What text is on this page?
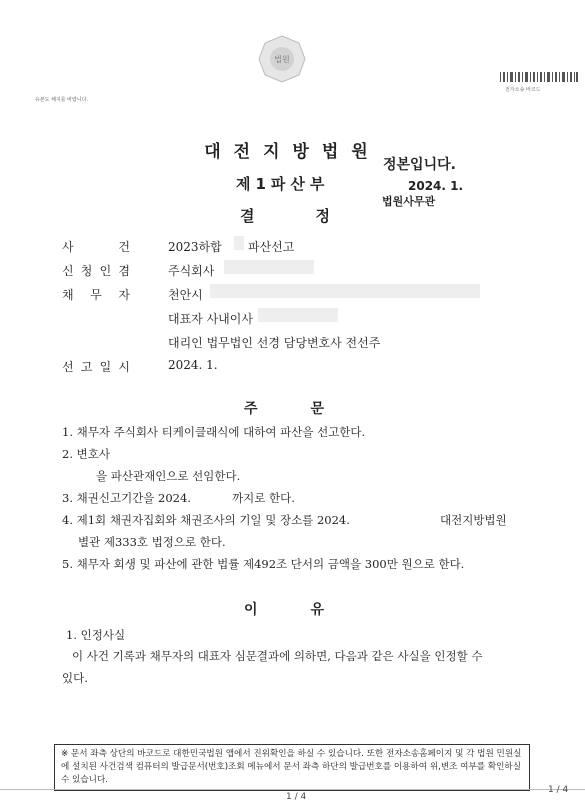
법원
전자소송 바코드
유본도 해지를 바랍니다.
대전지방법원
제1파산부
결	정
정본입니다.
2024. 1.
법원사무관
사	건	2023하합 파산선고
신 청 인 겸	주식회사
채 무 자	천안시
대표자 사내이사
대리인 법무법인 선경 담당변호사 전선주
선 고 일 시	2024. 1.
주	문
1. 채무자 주식회사 티케이클래식에 대하여 파산을 선고한다.
2. 변호사
을 파산관재인으로 선임한다.
3. 채권신고기간을 2024.	까지로 한다.
4. 제1회 채권자집회와 채권조사의 기일 및 장소를 2024.	대전지방법원
별관 제333호 법정으로 한다.
5. 채무자 회생 및 파산에 관한 법률 제492조 단서의 금액을 300만 원으로 한다.
이	유
1. 인정사실
이 사건 기록과 채무자의 대표자 심문결과에 의하면, 다음과 같은 사실을 인정할 수
있다.
※ 문서 좌측 상단의 바코드로 대한민국법원 앱에서 진위확인을 하실 수 있습니다. 또한 전자소송홈페이지 및 각 법원 민원실에 설치된 사건검색 컴퓨터의 발급문서(번호)조회 메뉴에서 문서 좌측 하단의 발급번호를 이용하여 위,변조 여부를 확인하실 수 있습니다.
1 / 4
1 / 4
